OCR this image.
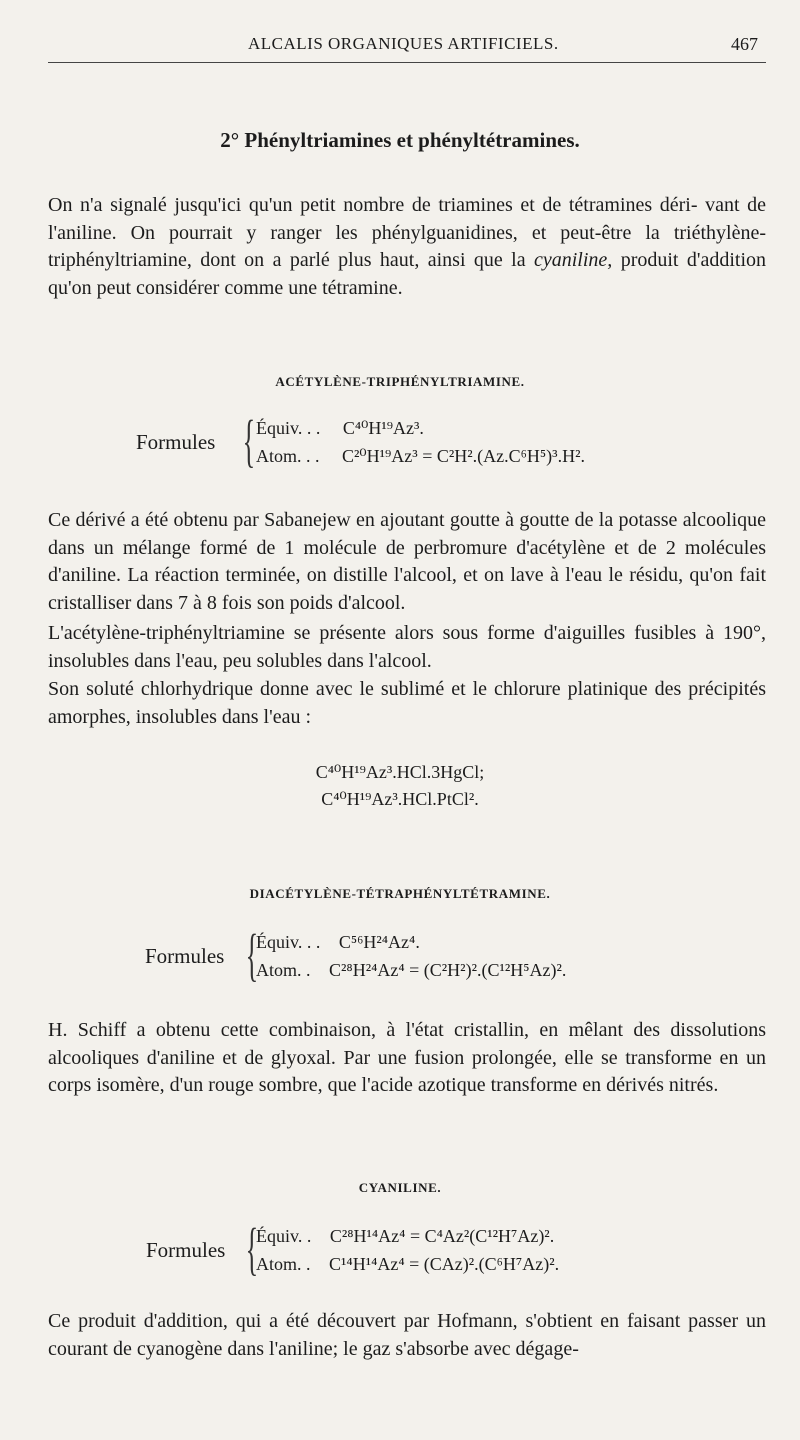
ALCALIS ORGANIQUES ARTIFICIELS.	467
2° Phényltriamines et phényltétramines.

On n'a signalé jusqu'ici qu'un petit nombre de triamines et de tétramines déri- vant de l'aniline. On pourrait y ranger les phénylguanidines, et peut-être la triéthylène-triphényltriamine, dont on a parlé plus haut, ainsi que la cyaniline, produit d'addition qu'on peut considérer comme une tétramine.

ACÉTYLÈNE-TRIPHÉNYLTRIAMINE.
Formules { Équiv. . . C⁴⁰H¹⁹Az³.
Atom. . . C²⁰H¹⁹Az³ = C²H².(Az.C⁶H⁵)³.H².

Ce dérivé a été obtenu par Sabanejew en ajoutant goutte à goutte de la potasse alcoolique dans un mélange formé de 1 molécule de perbromure d'acétylène et de 2 molécules d'aniline. La réaction terminée, on distille l'alcool, et on lave à l'eau le résidu, qu'on fait cristalliser dans 7 à 8 fois son poids d'alcool.

L'acétylène-triphényltriamine se présente alors sous forme d'aiguilles fusibles à 190°, insolubles dans l'eau, peu solubles dans l'alcool.

Son soluté chlorhydrique donne avec le sublimé et le chlorure platinique des précipités amorphes, insolubles dans l'eau :

C⁴⁰H¹⁹Az³.HCl.3HgCl;
C⁴⁰H¹⁹Az³.HCl.PtCl².
DIACÉTYLÈNE-TÉTRAPHÉNYLTÉTRAMINE.
Formules {
Équiv. . . C⁵⁶H²⁴Az⁴.
Atom. . C²⁸H²⁴Az⁴ = (C²H²)².(C¹²H⁵Az)².

H. Schiff a obtenu cette combinaison, à l'état cristallin, en mêlant des dissolutions alcooliques d'aniline et de glyoxal. Par une fusion prolongée, elle se transforme en un corps isomère, d'un rouge sombre, que l'acide azotique transforme en dérivés nitrés.

CYANILINE.
Formules {
Équiv. . C²⁸H¹⁴Az⁴ = C⁴Az²(C¹²H⁷Az)².
Atom. . C¹⁴H¹⁴Az⁴ = (CAz)².(C⁶H⁷Az)².

Ce produit d'addition, qui a été découvert par Hofmann, s'obtient en faisant passer un courant de cyanogène dans l'aniline; le gaz s'absorbe avec dégage-
